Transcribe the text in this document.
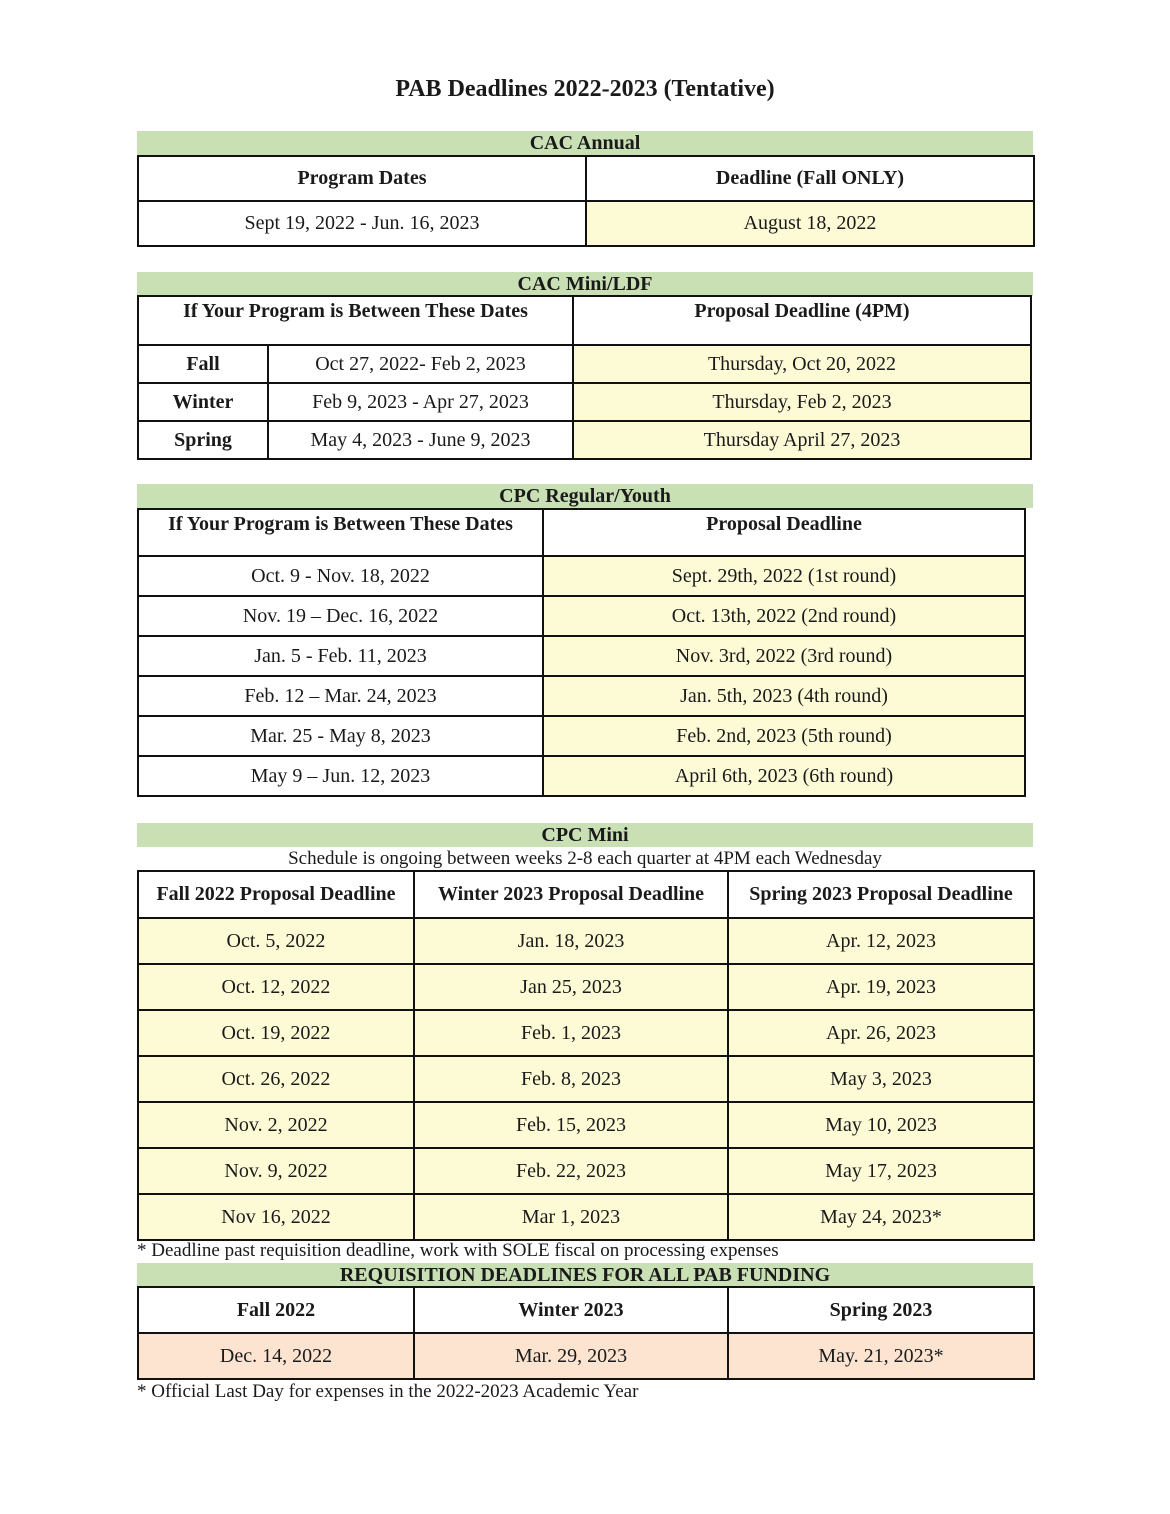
PAB Deadlines 2022-2023 (Tentative)
CAC Annual
Program Dates	Deadline (Fall ONLY)
Sept 19, 2022 - Jun. 16, 2023	August 18, 2022
CAC Mini/LDF
If Your Program is Between These Dates		Proposal Deadline (4PM)
Fall	Oct 27, 2022- Feb 2, 2023	Thursday, Oct 20, 2022
Winter	Feb 9, 2023 - Apr 27, 2023	Thursday, Feb 2, 2023
Spring	May 4, 2023 - June 9, 2023	Thursday April 27, 2023
CPC Regular/Youth
If Your Program is Between These Dates	Proposal Deadline
Oct. 9 - Nov. 18, 2022	Sept. 29th, 2022 (1st round)
Nov. 19 – Dec. 16, 2022	Oct. 13th, 2022 (2nd round)
Jan. 5 - Feb. 11, 2023	Nov. 3rd, 2022 (3rd round)
Feb. 12 – Mar. 24, 2023	Jan. 5th, 2023 (4th round)
Mar. 25 - May 8, 2023	Feb. 2nd, 2023 (5th round)
May 9 – Jun. 12, 2023	April 6th, 2023 (6th round)
CPC Mini
Schedule is ongoing between weeks 2-8 each quarter at 4PM each Wednesday
Fall 2022 Proposal Deadline	Winter 2023 Proposal Deadline	Spring 2023 Proposal Deadline
Oct. 5, 2022	Jan. 18, 2023	Apr. 12, 2023
Oct. 12, 2022	Jan 25, 2023	Apr. 19, 2023
Oct. 19, 2022	Feb. 1, 2023	Apr. 26, 2023
Oct. 26, 2022	Feb. 8, 2023	May 3, 2023
Nov. 2, 2022	Feb. 15, 2023	May 10, 2023
Nov. 9, 2022	Feb. 22, 2023	May 17, 2023
Nov 16, 2022	Mar 1, 2023	May 24, 2023*
* Deadline past requisition deadline, work with SOLE fiscal on processing expenses
REQUISITION DEADLINES FOR ALL PAB FUNDING
Fall 2022	Winter 2023	Spring 2023
Dec. 14, 2022	Mar. 29, 2023	May. 21, 2023*
* Official Last Day for expenses in the 2022-2023 Academic Year
